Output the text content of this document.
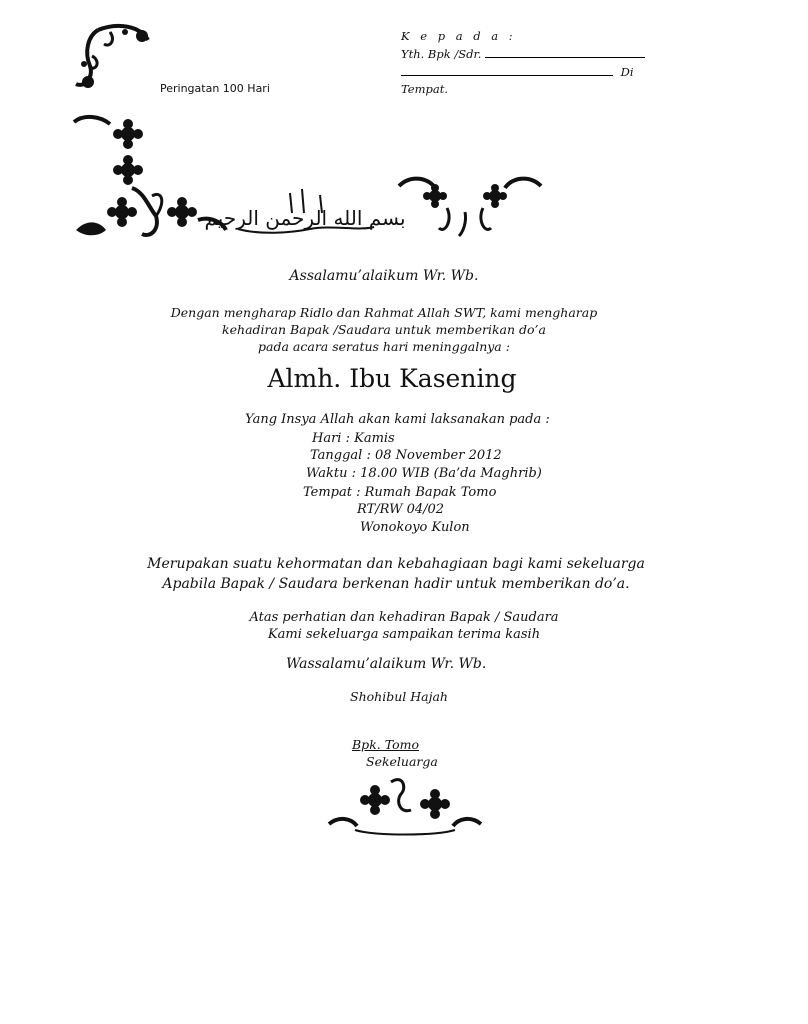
بسم الله الرحمن الرحيم
Peringatan 100 Hari
K e p a d a :
Yth. Bpk /Sdr.
Di
Tempat.
Assalamu’alaikum Wr. Wb.
Dengan mengharap Ridlo dan Rahmat Allah SWT, kami mengharap
kehadiran Bapak /Saudara untuk memberikan do’a
pada acara seratus hari meninggalnya :
Almh. Ibu Kasening
Yang Insya Allah akan kami laksanakan pada :
Hari : Kamis
Tanggal : 08 November 2012
Waktu : 18.00 WIB (Ba’da Maghrib)
Tempat : Rumah Bapak Tomo
RT/RW 04/02
Wonokoyo Kulon
Merupakan suatu kehormatan dan kebahagiaan bagi kami sekeluarga
Apabila Bapak / Saudara berkenan hadir untuk memberikan do’a.
Atas perhatian dan kehadiran Bapak / Saudara
Kami sekeluarga sampaikan terima kasih
Wassalamu’alaikum Wr. Wb.
Shohibul Hajah
Bpk. Tomo
Sekeluarga
